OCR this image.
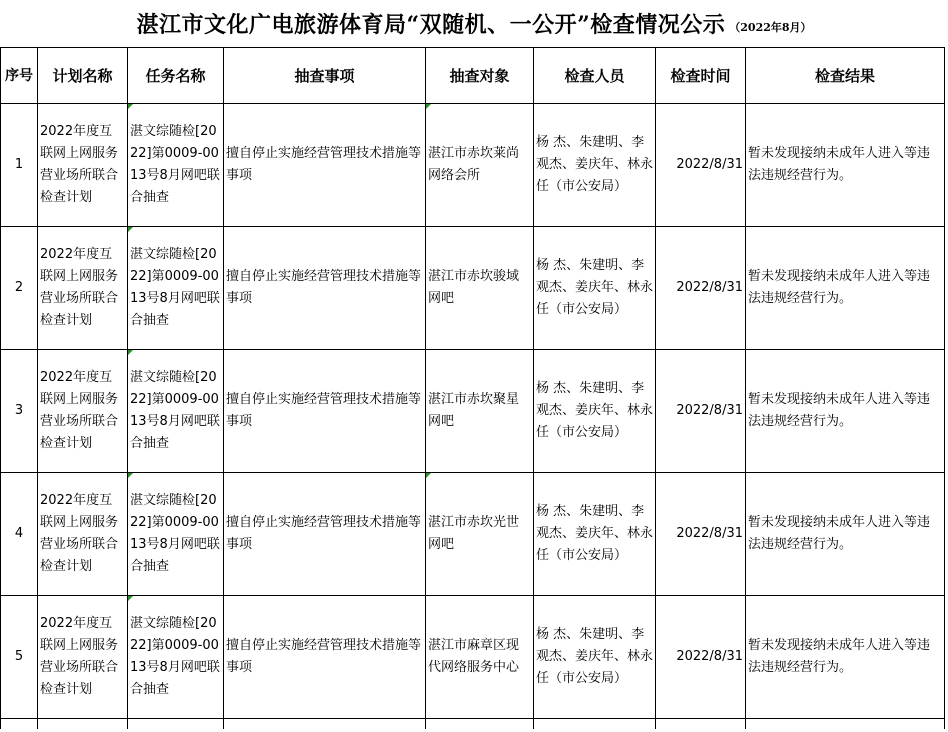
湛江市文化广电旅游体育局“双随机、一公开”检查情况公示 （2022年8月）
序号	计划名称	任务名称	抽查事项	抽查对象	检查人员	检查时间	检查结果
1	2022年度互联网上网服务营业场所联合检查计划	湛文综随检[2022]第0009-0013号8月网吧联合抽查	擅自停止实施经营管理技术措施等事项	湛江市赤坎莱尚网络会所	杨 杰、朱建明、李观杰、姜庆年、林永任（市公安局）	2022/8/31	暂未发现接纳未成年人进入等违法违规经营行为。
2	2022年度互联网上网服务营业场所联合检查计划	湛文综随检[2022]第0009-0013号8月网吧联合抽查	擅自停止实施经营管理技术措施等事项	湛江市赤坎骏域网吧	杨 杰、朱建明、李观杰、姜庆年、林永任（市公安局）	2022/8/31	暂未发现接纳未成年人进入等违法违规经营行为。
3	2022年度互联网上网服务营业场所联合检查计划	湛文综随检[2022]第0009-0013号8月网吧联合抽查	擅自停止实施经营管理技术措施等事项	湛江市赤坎聚星网吧	杨 杰、朱建明、李观杰、姜庆年、林永任（市公安局）	2022/8/31	暂未发现接纳未成年人进入等违法违规经营行为。
4	2022年度互联网上网服务营业场所联合检查计划	湛文综随检[2022]第0009-0013号8月网吧联合抽查	擅自停止实施经营管理技术措施等事项	湛江市赤坎光世网吧	杨 杰、朱建明、李观杰、姜庆年、林永任（市公安局）	2022/8/31	暂未发现接纳未成年人进入等违法违规经营行为。
5	2022年度互联网上网服务营业场所联合检查计划	湛文综随检[2022]第0009-0013号8月网吧联合抽查	擅自停止实施经营管理技术措施等事项	湛江市麻章区现代网络服务中心	杨 杰、朱建明、李观杰、姜庆年、林永任（市公安局）	2022/8/31	暂未发现接纳未成年人进入等违法违规经营行为。
